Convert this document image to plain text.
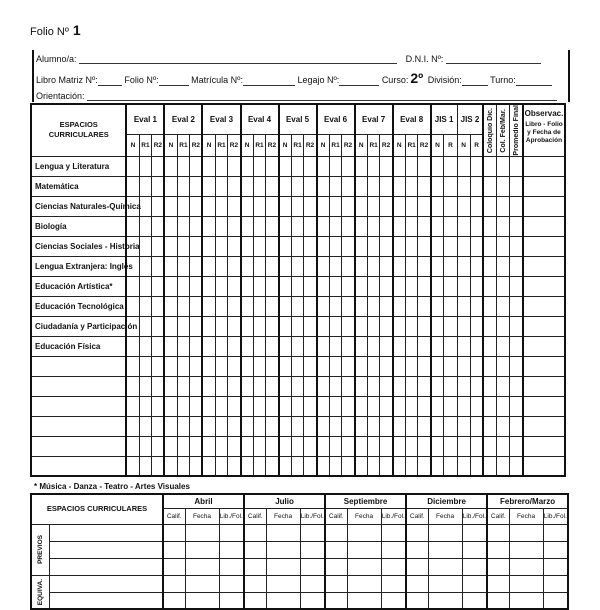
Folio Nº 1
Alumno/a:	D.N.I. Nº:
Libro Matriz Nº:	Folio Nº:	Matrícula Nº:	Legajo Nº:	Curso: 2º División:	Turno:
Orientación:
ESPACIOS CURRICULARES	Eval 1			Eval 2			Eval 3			Eval 4			Eval 5			Eval 6			Eval 7			Eval 8			JIS 1		JIS 2		Coloquio Dic.	Col. Feb/Mar.	Promedio Final	Observac.
Libro - Folio y Fecha de Aprobación

	N	R1	R2	N	R1	R2	N	R1	R2	N	R1	R2	N	R1	R2	N	R1	R2	N	R1	R2	N	R1	R2	N	R	N	R				
Lengua y Literatura																																
Matemática																																
Ciencias Naturales-Química																																
Biología																																
Ciencias Sociales - Historia																																
Lengua Extranjera: Inglés																																
Educación Artística*																																
Educación Tecnológica																																
Ciudadanía y Participación																																
Educación Física																																

* Música - Danza - Teatro - Artes Visuales
ESPACIOS CURRICULARES		Abril			Julio			Septiembre			Diciembre			Febrero/Marzo		
		Calif.	Fecha	Lib./Fol.	Calif.	Fecha	Lib./Fol.	Calif.	Fecha	Lib./Fol.	Calif.	Fecha	Lib./Fol.	Calif.	Fecha	Lib./Fol.

PREVIOS																

EQUIVA.																
